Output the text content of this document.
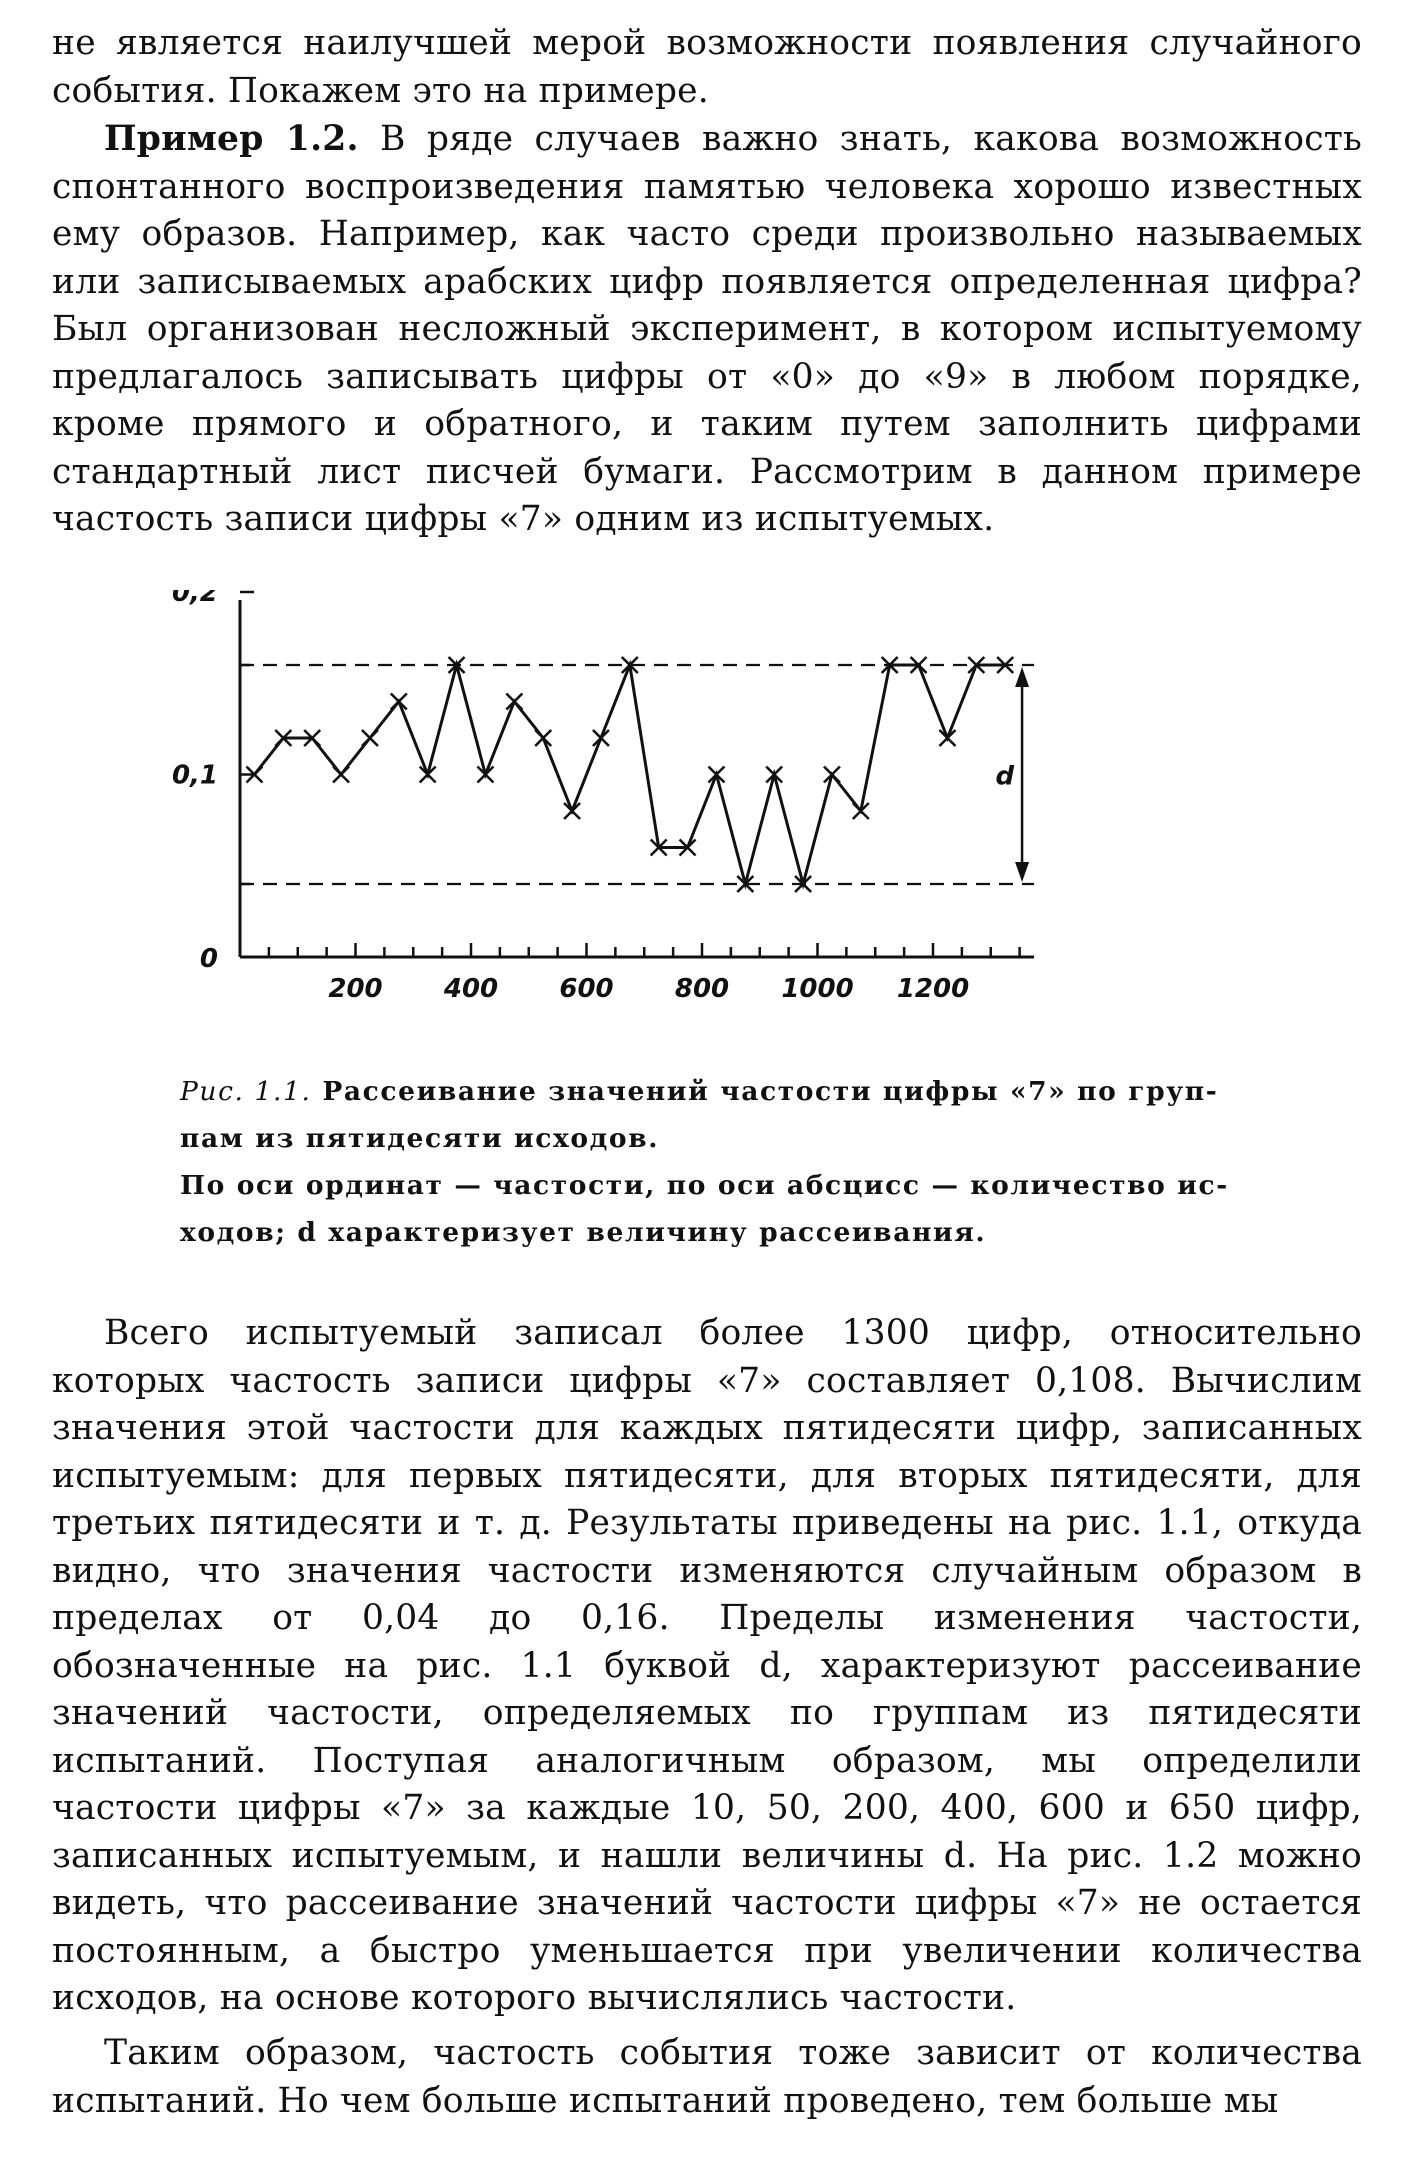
не является наилучшей мерой возможности появления случайного события. Покажем это на примере.

Пример 1.2. В ряде случаев важно знать, какова возможность спонтанного воспроизведения памятью человека хорошо известных ему образов. Например, как часто среди произвольно называемых или записываемых арабских цифр появляется определенная цифра? Был организован несложный эксперимент, в котором испытуемому предлагалось записывать цифры от «0» до «9» в любом порядке, кроме прямого и обратного, и таким путем заполнить цифрами стандартный лист писчей бумаги. Рассмотрим в данном примере частость записи цифры «7» одним из испытуемых.

200 400 600 800 1000 1200
0
0,1
0,2
d

Рис. 1.1. Рассеивание значений частости цифры «7» по груп-
пам из пятидесяти исходов.
По оси ординат — частости, по оси абсцисс — количество ис-
ходов; d характеризует величину рассеивания.

Всего испытуемый записал более 1300 цифр, относительно которых частость записи цифры «7» составляет 0,108. Вычислим значения этой частости для каждых пятидесяти цифр, записанных испытуемым: для первых пятидесяти, для вторых пятидесяти, для третьих пятидесяти и т. д. Результаты приведены на рис. 1.1, откуда видно, что значения частости изменяются случайным образом в пределах от 0,04 до 0,16. Пределы изменения частости, обозначенные на рис. 1.1 буквой d, характеризуют рассеивание значений частости, определяемых по группам из пятидесяти испытаний. Поступая аналогичным образом, мы определили частости цифры «7» за каждые 10, 50, 200, 400, 600 и 650 цифр, записанных испытуемым, и нашли величины d. На рис. 1.2 можно видеть, что рассеивание значений частости цифры «7» не остается постоянным, а быстро уменьшается при увеличении количества исходов, на основе которого вычислялись частости.

Таким образом, частость события тоже зависит от количества испытаний. Но чем больше испытаний проведено, тем больше мы
